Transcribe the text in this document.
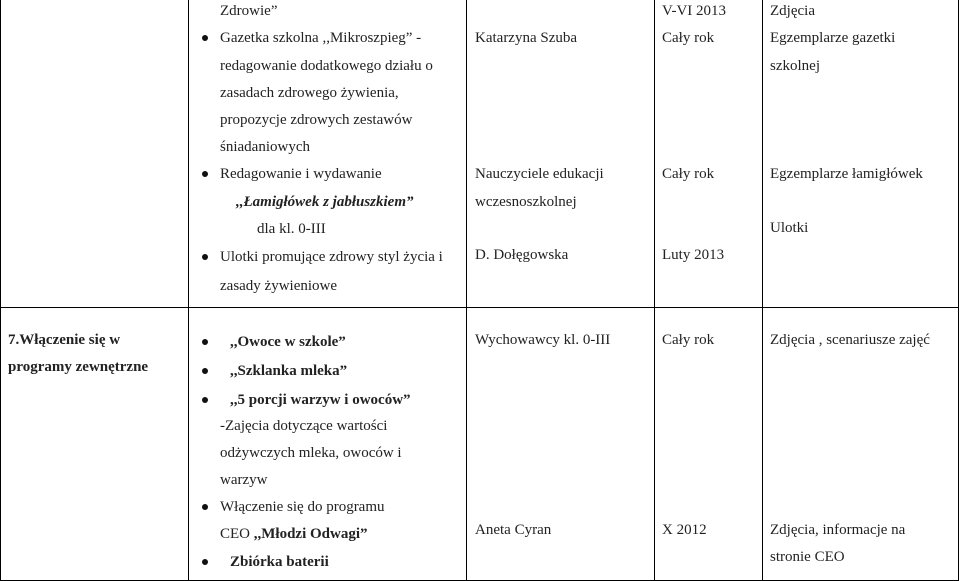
Zdrowie”
Gazetka szkolna ,,Mikroszpieg” -
redagowanie dodatkowego działu o
zasadach zdrowego żywienia,
propozycje zdrowych zestawów
śniadaniowych
Redagowanie i wydawanie
,,Łamigłówek z jabłuszkiem”
dla kl. 0-III
Ulotki promujące zdrowy styl życia i
zasady żywieniowe
Katarzyna Szuba
Nauczyciele edukacji
wczesnoszkolnej
D. Dołęgowska
V-VI 2013
Cały rok
Cały rok
Luty 2013
Zdjęcia
Egzemplarze gazetki
szkolnej
Egzemplarze łamigłówek
Ulotki
7.Włączenie się w
programy zewnętrzne
,,Owoce w szkole”
,,Szklanka mleka”
,,5 porcji warzyw i owoców”
-Zajęcia dotyczące wartości
odżywczych mleka, owoców i
warzyw
Włączenie się do programu
CEO ,,Młodzi Odwagi”
Zbiórka baterii
Wychowawcy kl. 0-III
Aneta Cyran
Cały rok
X 2012
Zdjęcia , scenariusze zajęć
Zdjęcia, informacje na
stronie CEO
